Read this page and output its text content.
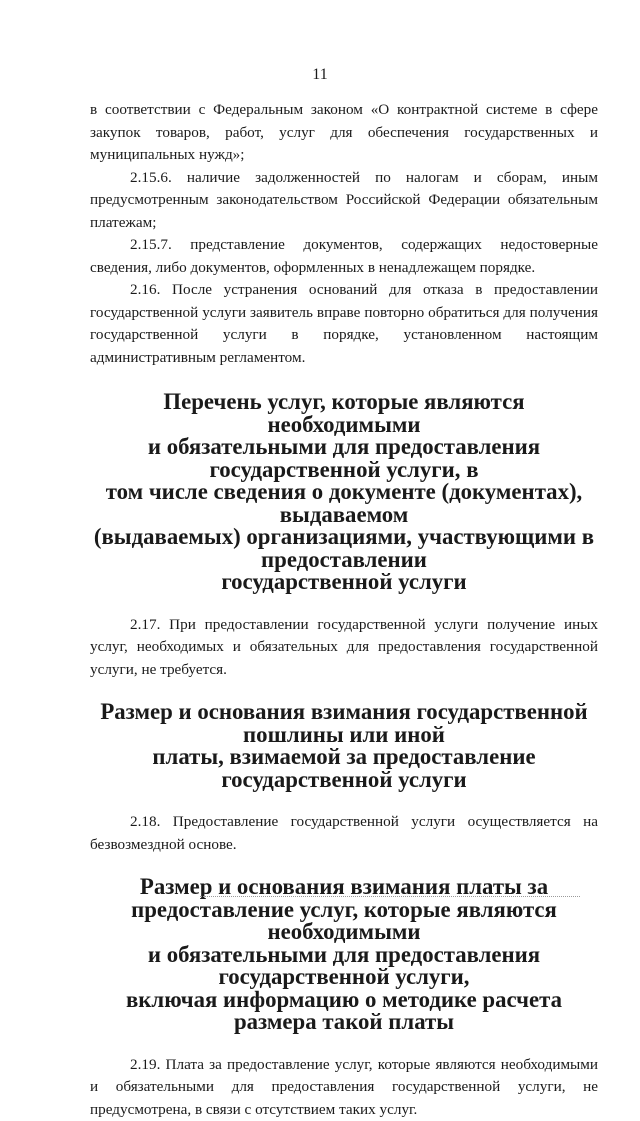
11

в соответствии с Федеральным законом «О контрактной системе в сфере закупок товаров, работ, услуг для обеспечения государственных и муниципальных нужд»;

2.15.6. наличие задолженностей по налогам и сборам, иным предусмотренным законодательством Российской Федерации обязательным платежам;

2.15.7. представление документов, содержащих недостоверные сведения, либо документов, оформленных в ненадлежащем порядке.

2.16. После устранения оснований для отказа в предоставлении государственной услуги заявитель вправе повторно обратиться для получения государственной услуги в порядке, установленном настоящим административным регламентом.

Перечень услуг, которые являются необходимыми
и обязательными для предоставления государственной услуги, в
том числе сведения о документе (документах), выдаваемом
(выдаваемых) организациями, участвующими в предоставлении
государственной услуги

2.17. При предоставлении государственной услуги получение иных услуг, необходимых и обязательных для предоставления государственной услуги, не требуется.

Размер и основания взимания государственной пошлины или иной
платы, взимаемой за предоставление государственной услуги

2.18. Предоставление государственной услуги осуществляется на безвозмездной основе.

Размер и основания взимания платы за
предоставление услуг, которые являются необходимыми
и обязательными для предоставления государственной услуги,
включая информацию о методике расчета размера такой платы

2.19. Плата за предоставление услуг, которые являются необходимыми и обязательными для предоставления государственной услуги, не предусмотрена, в связи с отсутствием таких услуг.
